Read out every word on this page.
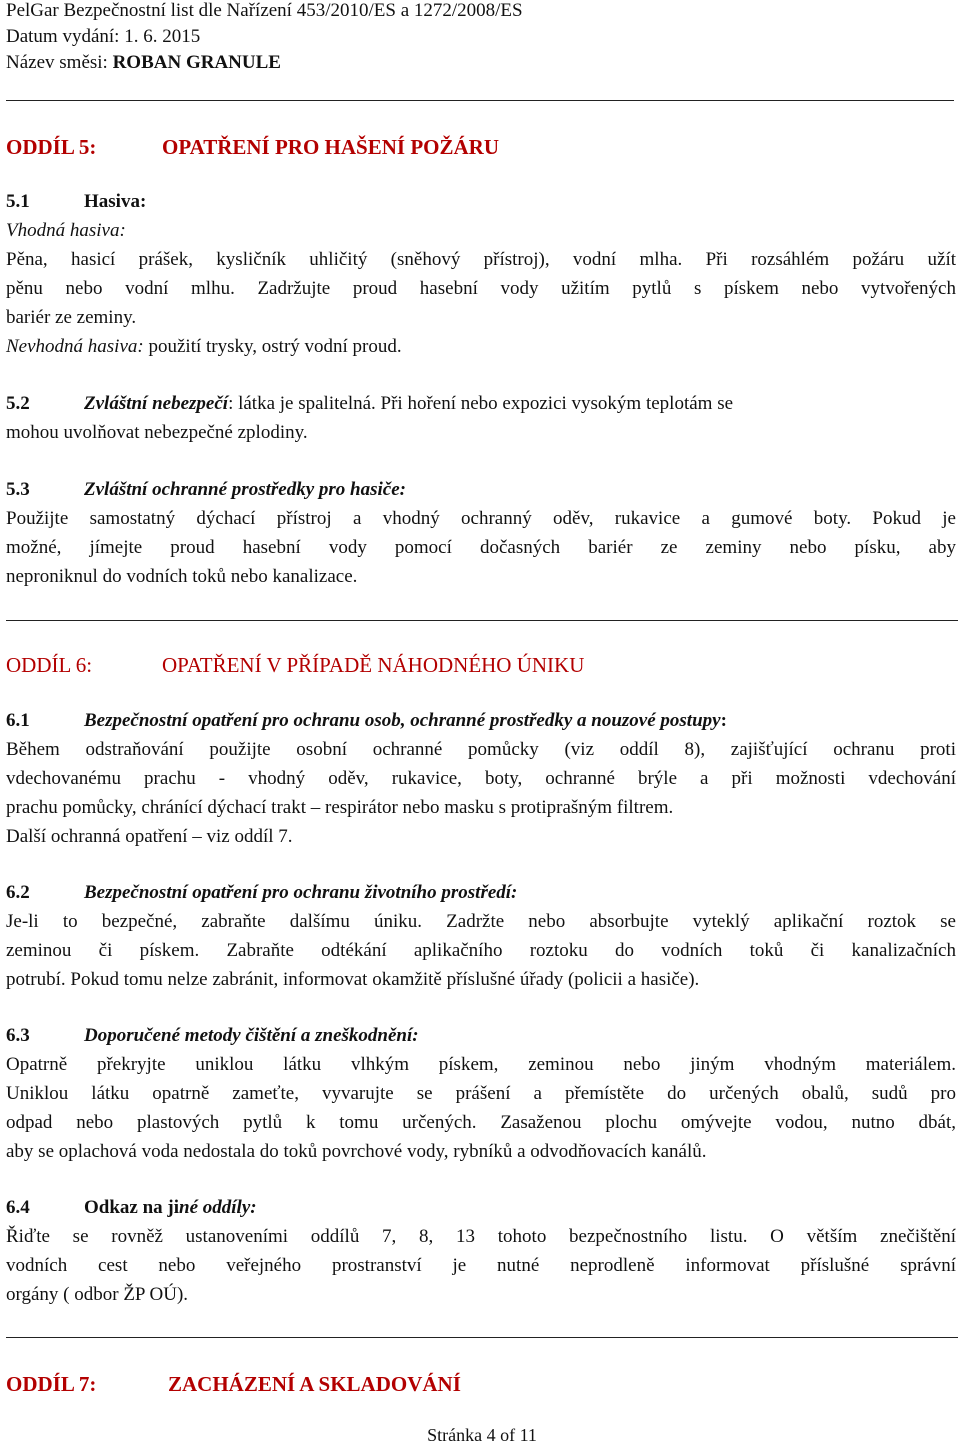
PelGar Bezpečnostní list dle Nařízení 453/2010/ES a 1272/2008/ES
Datum vydání: 1. 6. 2015
Název směsi: ROBAN GRANULE
ODDÍL 5:	OPATŘENÍ PRO HAŠENÍ POŽÁRU
5.1	Hasiva:
Vhodná hasiva:
Pěna, hasicí prášek, kysličník uhličitý (sněhový přístroj), vodní mlha. Při rozsáhlém požáru užít
pěnu nebo vodní mlhu. Zadržujte proud hasební vody užitím pytlů s pískem nebo vytvořených
bariér ze zeminy.
Nevhodná hasiva: použití trysky, ostrý vodní proud.
5.2	Zvláštní nebezpečí: látka je spalitelná. Při hoření nebo expozici vysokým teplotám se
mohou uvolňovat nebezpečné zplodiny.
5.3	Zvláštní ochranné prostředky pro hasiče:
Použijte samostatný dýchací přístroj a vhodný ochranný oděv, rukavice a gumové boty. Pokud je
možné, jímejte proud hasební vody pomocí dočasných bariér ze zeminy nebo písku, aby
neproniknul do vodních toků nebo kanalizace.
ODDÍL 6:	OPATŘENÍ V PŘÍPADĚ NÁHODNÉHO ÚNIKU
6.1	Bezpečnostní opatření pro ochranu osob, ochranné prostředky a nouzové postupy:
Během odstraňování použijte osobní ochranné pomůcky (viz oddíl 8), zajišťující ochranu proti
vdechovanému prachu - vhodný oděv, rukavice, boty, ochranné brýle a při možnosti vdechování
prachu pomůcky, chránící dýchací trakt – respirátor nebo masku s protiprašným filtrem.
Další ochranná opatření – viz oddíl 7.
6.2	Bezpečnostní opatření pro ochranu životního prostředí:
Je-li to bezpečné, zabraňte dalšímu úniku. Zadržte nebo absorbujte vyteklý aplikační roztok se
zeminou či pískem. Zabraňte odtékání aplikačního roztoku do vodních toků či kanalizačních
potrubí. Pokud tomu nelze zabránit, informovat okamžitě příslušné úřady (policii a hasiče).
6.3	Doporučené metody čištění a zneškodnění:
Opatrně překryjte uniklou látku vlhkým pískem, zeminou nebo jiným vhodným materiálem.
Uniklou látku opatrně zameťte, vyvarujte se prášení a přemístěte do určených obalů, sudů pro
odpad nebo plastových pytlů k tomu určených. Zasaženou plochu omývejte vodou, nutno dbát,
aby se oplachová voda nedostala do toků povrchové vody, rybníků a odvodňovacích kanálů.
6.4	Odkaz na jiné oddíly:
Řiďte se rovněž ustanoveními oddílů 7, 8, 13 tohoto bezpečnostního listu. O větším znečištění
vodních cest nebo veřejného prostranství je nutné neprodleně informovat příslušné správní
orgány ( odbor ŽP OÚ).
ODDÍL 7:	ZACHÁZENÍ A SKLADOVÁNÍ
Stránka 4 of 11
